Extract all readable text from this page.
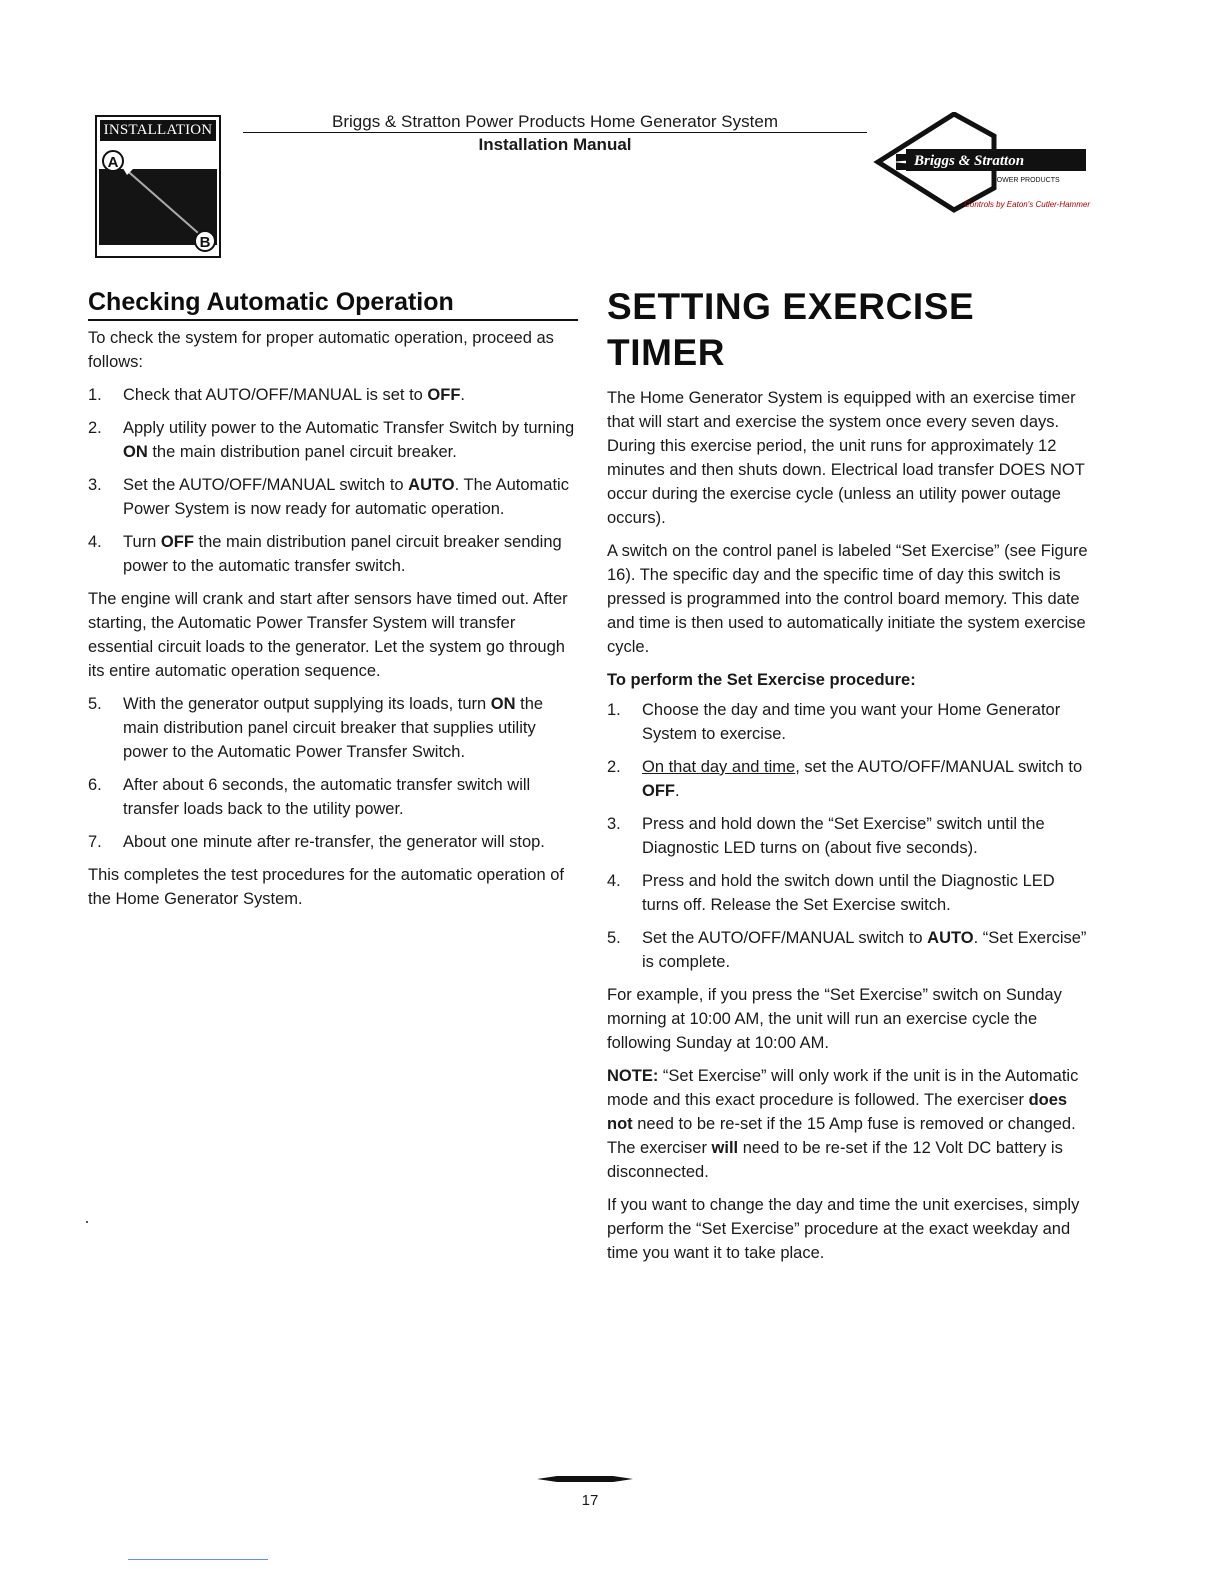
A
B
INSTALLATION	Briggs & Stratton Power Products Home Generator System
Installation Manual
Briggs & Stratton
POWER PRODUCTS
Controls by Eaton's Cutler-Hammer
Checking Automatic Operation

To check the system for proper automatic operation, proceed as follows:

1. Check that AUTO/OFF/MANUAL is set to OFF.
2. Apply utility power to the Automatic Transfer Switch by turning ON the main distribution panel circuit breaker.
3. Set the AUTO/OFF/MANUAL switch to AUTO. The Automatic Power System is now ready for automatic operation.
4. Turn OFF the main distribution panel circuit breaker sending power to the automatic transfer switch.

The engine will crank and start after sensors have timed out. After starting, the Automatic Power Transfer System will transfer essential circuit loads to the generator. Let the system go through its entire automatic operation sequence.

5. With the generator output supplying its loads, turn ON the main distribution panel circuit breaker that supplies utility power to the Automatic Power Transfer Switch.
6. After about 6 seconds, the automatic transfer switch will transfer loads back to the utility power.
7. About one minute after re-transfer, the generator will stop.

This completes the test procedures for the automatic operation of the Home Generator System.

SETTING EXERCISE TIMER

The Home Generator System is equipped with an exercise timer that will start and exercise the system once every seven days. During this exercise period, the unit runs for approximately 12 minutes and then shuts down. Electrical load transfer DOES NOT occur during the exercise cycle (unless an utility power outage occurs).

A switch on the control panel is labeled “Set Exercise” (see Figure 16). The specific day and the specific time of day this switch is pressed is programmed into the control board memory. This date and time is then used to automatically initiate the system exercise cycle.

To perform the Set Exercise procedure:
1. Choose the day and time you want your Home Generator System to exercise.
2. On that day and time, set the AUTO/OFF/MANUAL switch to OFF.
3. Press and hold down the “Set Exercise” switch until the Diagnostic LED turns on (about five seconds).
4. Press and hold the switch down until the Diagnostic LED turns off. Release the Set Exercise switch.
5. Set the AUTO/OFF/MANUAL switch to AUTO. “Set Exercise” is complete.

For example, if you press the “Set Exercise” switch on Sunday morning at 10:00 AM, the unit will run an exercise cycle the following Sunday at 10:00 AM.

NOTE: “Set Exercise” will only work if the unit is in the Automatic mode and this exact procedure is followed. The exerciser does not need to be re-set if the 15 Amp fuse is removed or changed. The exerciser will need to be re-set if the 12 Volt DC battery is disconnected.

If you want to change the day and time the unit exercises, simply perform the “Set Exercise” procedure at the exact weekday and time you want it to take place.

17
